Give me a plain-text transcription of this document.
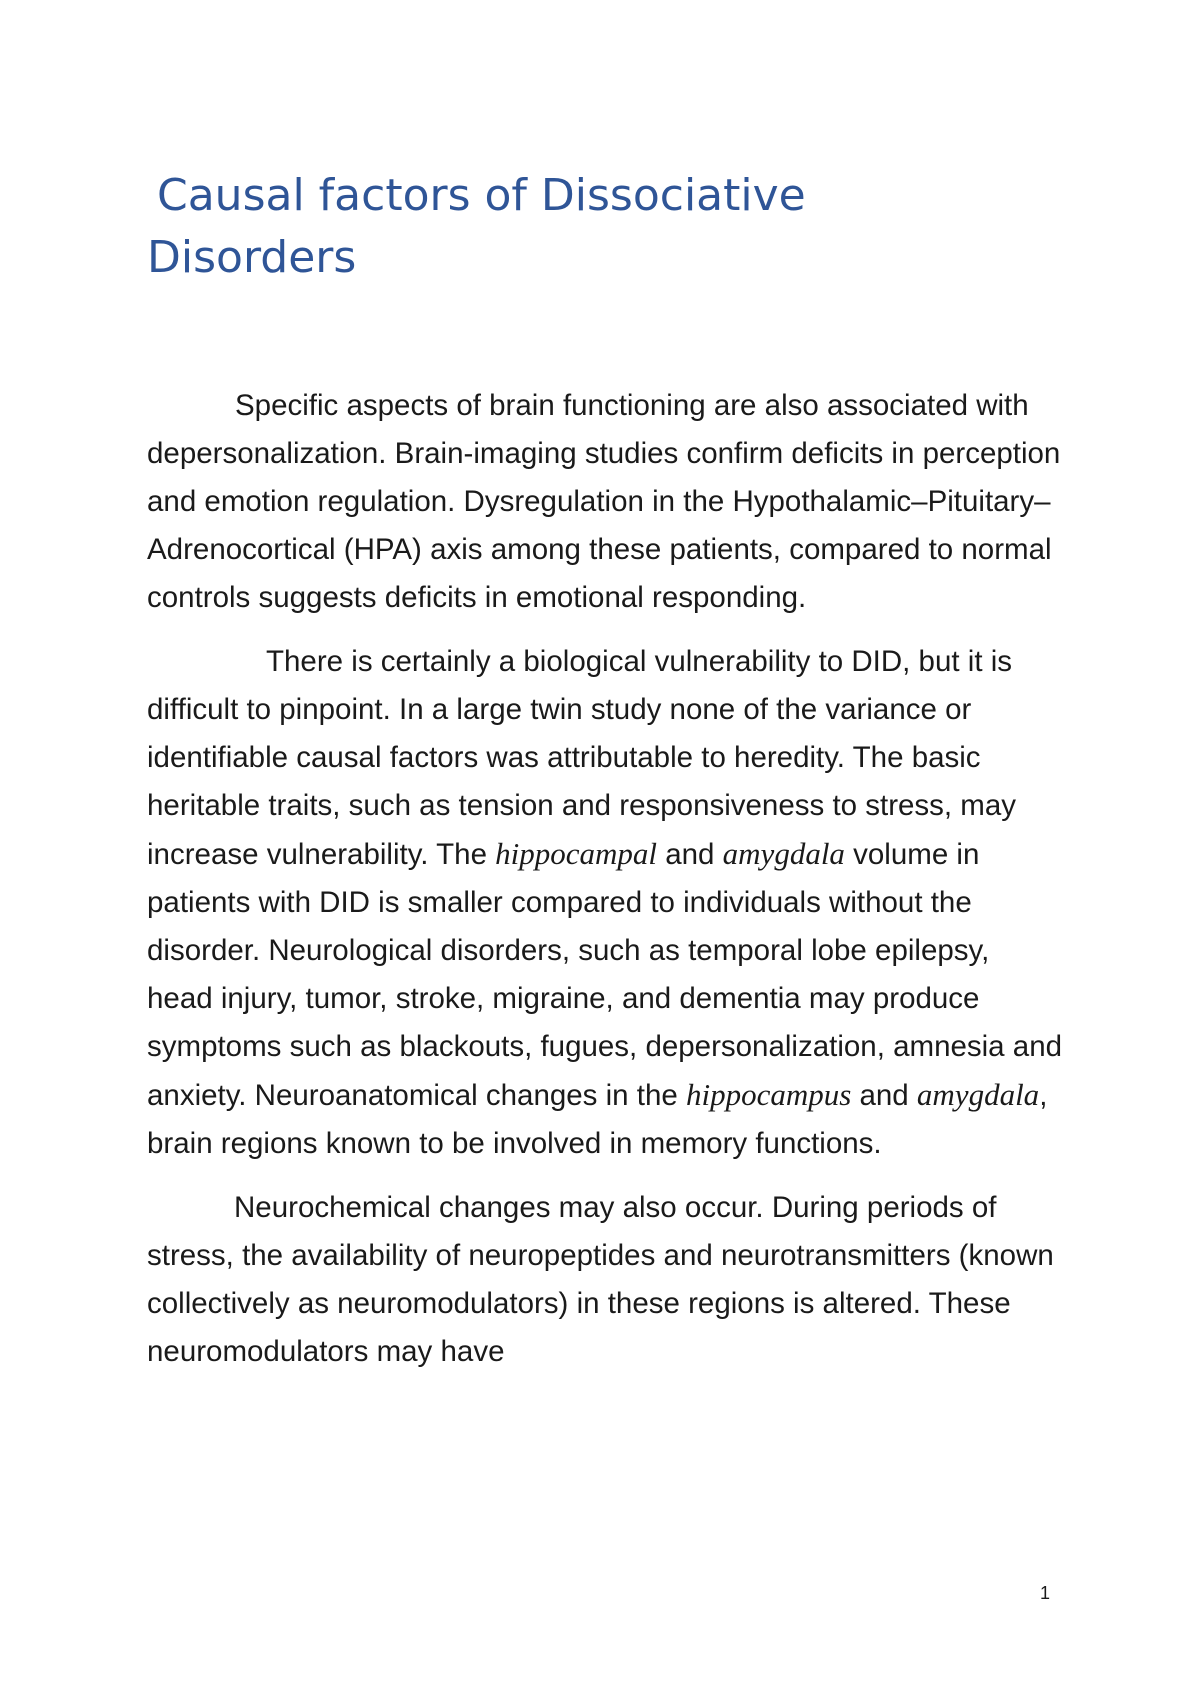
Causal factors of Dissociative
Disorders

Specific aspects of brain functioning are also associated with depersonalization. Brain-imaging studies confirm deficits in perception and emotion regulation. Dysregulation in the Hypothalamic–Pituitary–Adrenocortical (HPA) axis among these patients, compared to normal controls suggests deficits in emotional responding.

There is certainly a biological vulnerability to DID, but it is difficult to pinpoint. In a large twin study none of the variance or identifiable causal factors was attributable to heredity. The basic heritable traits, such as tension and responsiveness to stress, may increase vulnerability. The hippocampal and amygdala volume in patients with DID is smaller compared to individuals without the disorder. Neurological disorders, such as temporal lobe epilepsy, head injury, tumor, stroke, migraine, and dementia may produce symptoms such as blackouts, fugues, depersonalization, amnesia and anxiety. Neuroanatomical changes in the hippocampus and amygdala, brain regions known to be involved in memory functions.

Neurochemical changes may also occur. During periods of stress, the availability of neuropeptides and neurotransmitters (known collectively as neuromodulators) in these regions is altered. These neuromodulators may have

1
